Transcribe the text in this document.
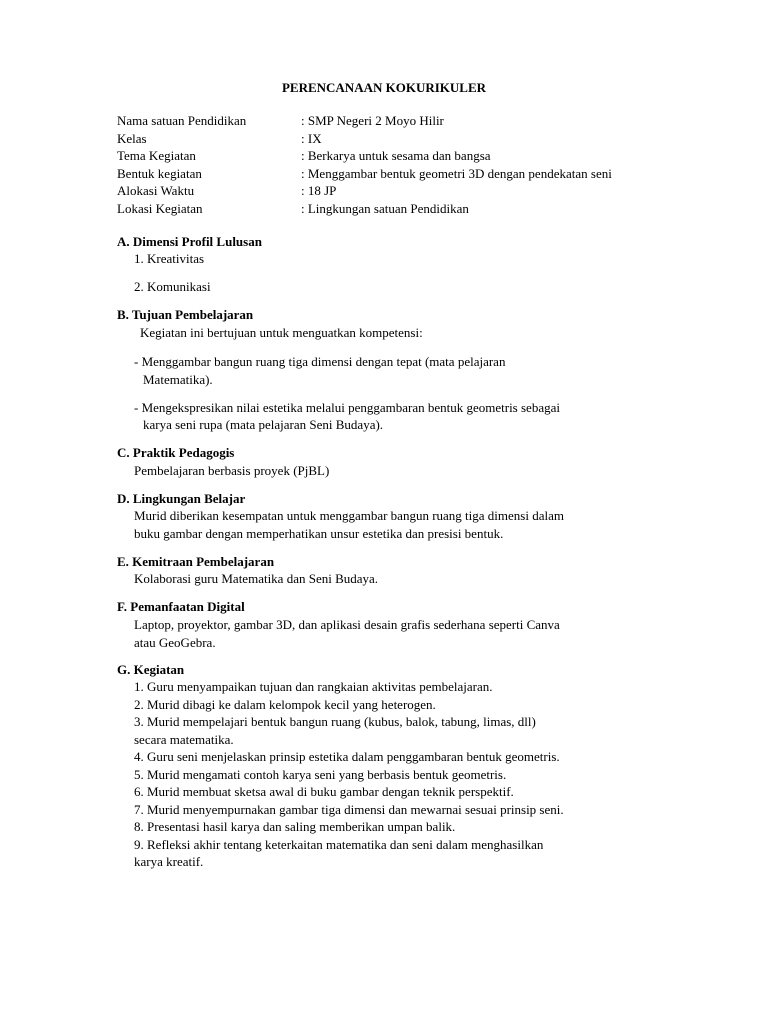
PERENCANAAN KOKURIKULER
Nama satuan Pendidikan	: SMP Negeri 2 Moyo Hilir
Kelas	: IX
Tema Kegiatan	: Berkarya untuk sesama dan bangsa
Bentuk kegiatan	: Menggambar bentuk geometri 3D dengan pendekatan seni
Alokasi Waktu	: 18 JP
Lokasi Kegiatan	: Lingkungan satuan Pendidikan
A. Dimensi Profil Lulusan
1. Kreativitas
2. Komunikasi
B. Tujuan Pembelajaran
Kegiatan ini bertujuan untuk menguatkan kompetensi:
- Menggambar bangun ruang tiga dimensi dengan tepat (mata pelajaran
Matematika).
- Mengekspresikan nilai estetika melalui penggambaran bentuk geometris sebagai
karya seni rupa (mata pelajaran Seni Budaya).
C. Praktik Pedagogis
Pembelajaran berbasis proyek (PjBL)
D. Lingkungan Belajar
Murid diberikan kesempatan untuk menggambar bangun ruang tiga dimensi dalam
buku gambar dengan memperhatikan unsur estetika dan presisi bentuk.
E. Kemitraan Pembelajaran
Kolaborasi guru Matematika dan Seni Budaya.
F. Pemanfaatan Digital
Laptop, proyektor, gambar 3D, dan aplikasi desain grafis sederhana seperti Canva
atau GeoGebra.
G. Kegiatan
1. Guru menyampaikan tujuan dan rangkaian aktivitas pembelajaran.
2. Murid dibagi ke dalam kelompok kecil yang heterogen.
3. Murid mempelajari bentuk bangun ruang (kubus, balok, tabung, limas, dll)
secara matematika.
4. Guru seni menjelaskan prinsip estetika dalam penggambaran bentuk geometris.
5. Murid mengamati contoh karya seni yang berbasis bentuk geometris.
6. Murid membuat sketsa awal di buku gambar dengan teknik perspektif.
7. Murid menyempurnakan gambar tiga dimensi dan mewarnai sesuai prinsip seni.
8. Presentasi hasil karya dan saling memberikan umpan balik.
9. Refleksi akhir tentang keterkaitan matematika dan seni dalam menghasilkan
karya kreatif.
